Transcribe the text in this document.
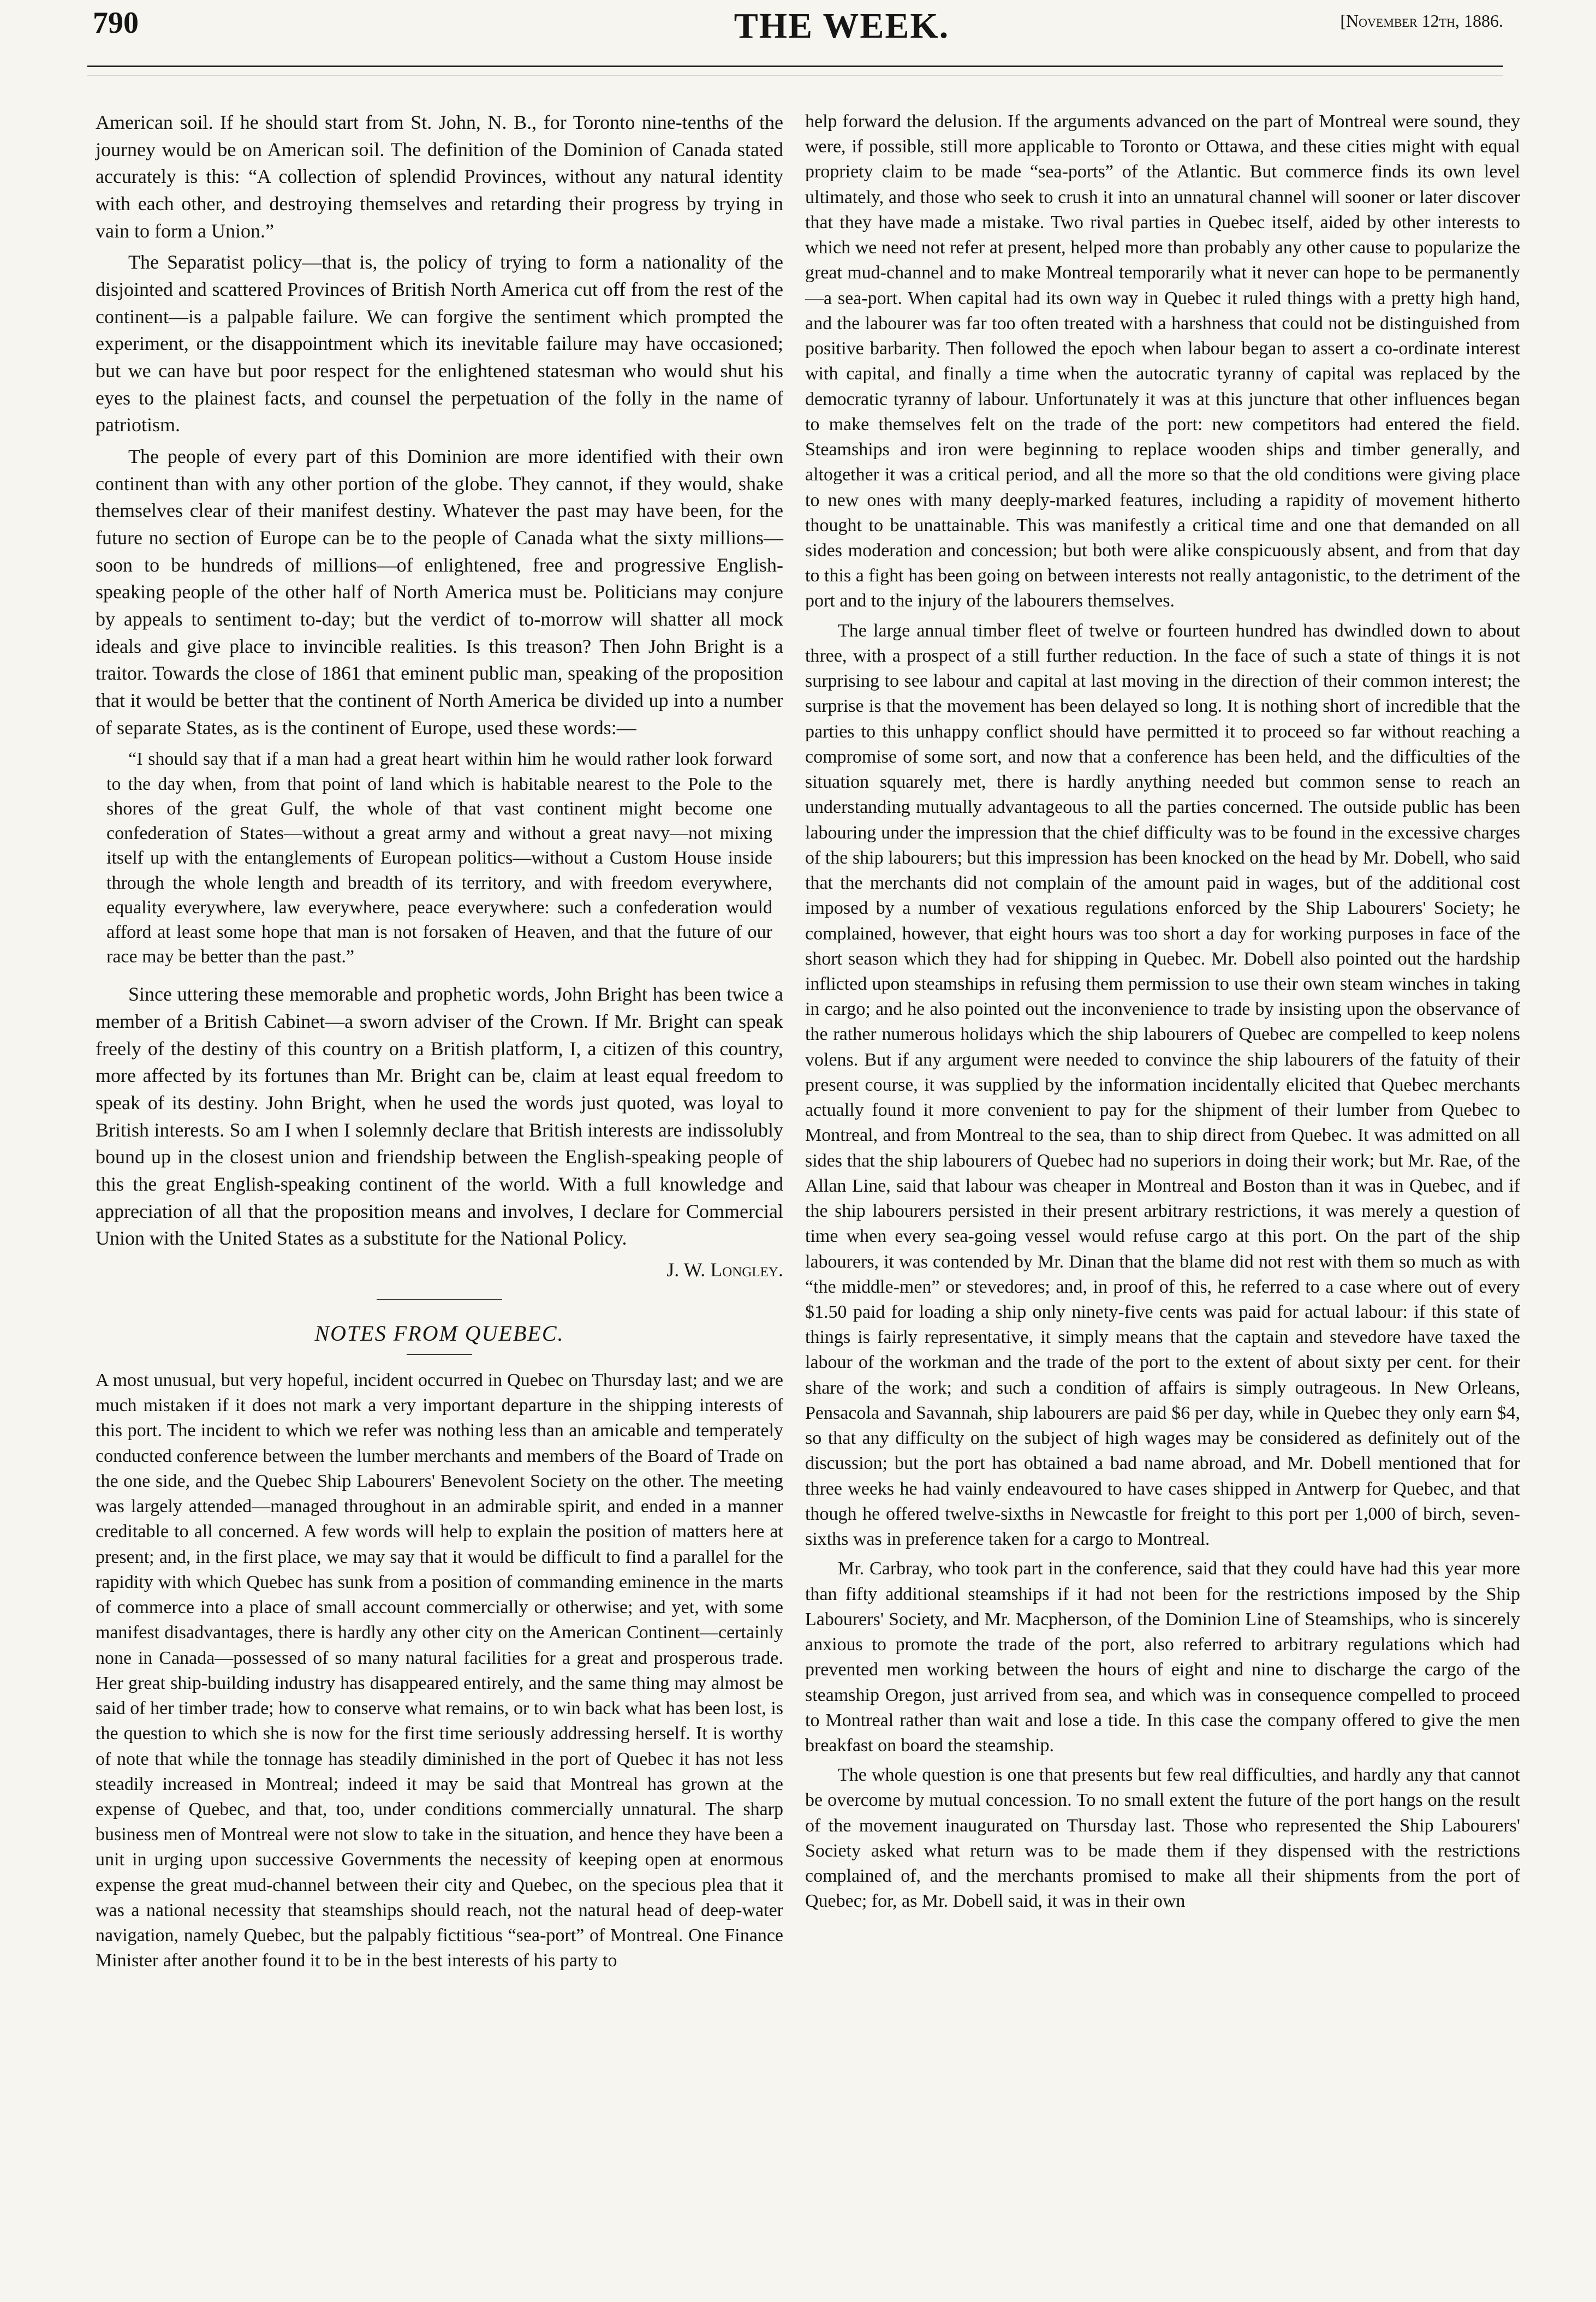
790	THE WEEK.	[November 12th, 1886.

American soil. If he should start from St. John, N. B., for Toronto nine-tenths of the journey would be on American soil. The definition of the Dominion of Canada stated accurately is this: “A collection of splendid Provinces, without any natural identity with each other, and destroying themselves and retarding their progress by trying in vain to form a Union.”

The Separatist policy—that is, the policy of trying to form a nationality of the disjointed and scattered Provinces of British North America cut off from the rest of the continent—is a palpable failure. We can forgive the sentiment which prompted the experiment, or the disappointment which its inevitable failure may have occasioned; but we can have but poor respect for the enlightened statesman who would shut his eyes to the plainest facts, and counsel the perpetuation of the folly in the name of patriotism.

The people of every part of this Dominion are more identified with their own continent than with any other portion of the globe. They cannot, if they would, shake themselves clear of their manifest destiny. Whatever the past may have been, for the future no section of Europe can be to the people of Canada what the sixty millions—soon to be hundreds of millions—of enlightened, free and progressive English-speaking people of the other half of North America must be. Politicians may conjure by appeals to sentiment to-day; but the verdict of to-morrow will shatter all mock ideals and give place to invincible realities. Is this treason? Then John Bright is a traitor. Towards the close of 1861 that eminent public man, speaking of the proposition that it would be better that the continent of North America be divided up into a number of separate States, as is the continent of Europe, used these words:—

“I should say that if a man had a great heart within him he would rather look forward to the day when, from that point of land which is habitable nearest to the Pole to the shores of the great Gulf, the whole of that vast continent might become one confederation of States—without a great army and without a great navy—not mixing itself up with the entanglements of European politics—without a Custom House inside through the whole length and breadth of its territory, and with freedom everywhere, equality everywhere, law everywhere, peace everywhere: such a confederation would afford at least some hope that man is not forsaken of Heaven, and that the future of our race may be better than the past.”

Since uttering these memorable and prophetic words, John Bright has been twice a member of a British Cabinet—a sworn adviser of the Crown. If Mr. Bright can speak freely of the destiny of this country on a British platform, I, a citizen of this country, more affected by its fortunes than Mr. Bright can be, claim at least equal freedom to speak of its destiny. John Bright, when he used the words just quoted, was loyal to British interests. So am I when I solemnly declare that British interests are indissolubly bound up in the closest union and friendship between the English-speaking people of this the great English-speaking continent of the world. With a full knowledge and appreciation of all that the proposition means and involves, I declare for Commercial Union with the United States as a substitute for the National Policy.

J. W. Longley.
NOTES FROM QUEBEC.

A most unusual, but very hopeful, incident occurred in Quebec on Thursday last; and we are much mistaken if it does not mark a very important departure in the shipping interests of this port. The incident to which we refer was nothing less than an amicable and temperately conducted conference between the lumber merchants and members of the Board of Trade on the one side, and the Quebec Ship Labourers' Benevolent Society on the other. The meeting was largely attended—managed throughout in an admirable spirit, and ended in a manner creditable to all concerned. A few words will help to explain the position of matters here at present; and, in the first place, we may say that it would be difficult to find a parallel for the rapidity with which Quebec has sunk from a position of commanding eminence in the marts of commerce into a place of small account commercially or otherwise; and yet, with some manifest disadvantages, there is hardly any other city on the American Continent—certainly none in Canada—possessed of so many natural facilities for a great and prosperous trade. Her great ship-building industry has disappeared entirely, and the same thing may almost be said of her timber trade; how to conserve what remains, or to win back what has been lost, is the question to which she is now for the first time seriously addressing herself. It is worthy of note that while the tonnage has steadily diminished in the port of Quebec it has not less steadily increased in Montreal; indeed it may be said that Montreal has grown at the expense of Quebec, and that, too, under conditions commercially unnatural. The sharp business men of Montreal were not slow to take in the situation, and hence they have been a unit in urging upon successive Governments the necessity of keeping open at enormous expense the great mud-channel between their city and Quebec, on the specious plea that it was a national necessity that steamships should reach, not the natural head of deep-water navigation, namely Quebec, but the palpably fictitious “sea-port” of Montreal. One Finance Minister after another found it to be in the best interests of his party to

help forward the delusion. If the arguments advanced on the part of Montreal were sound, they were, if possible, still more applicable to Toronto or Ottawa, and these cities might with equal propriety claim to be made “sea-ports” of the Atlantic. But commerce finds its own level ultimately, and those who seek to crush it into an unnatural channel will sooner or later discover that they have made a mistake. Two rival parties in Quebec itself, aided by other interests to which we need not refer at present, helped more than probably any other cause to popularize the great mud-channel and to make Montreal temporarily what it never can hope to be permanently—a sea-port. When capital had its own way in Quebec it ruled things with a pretty high hand, and the labourer was far too often treated with a harshness that could not be distinguished from positive barbarity. Then followed the epoch when labour began to assert a co-ordinate interest with capital, and finally a time when the autocratic tyranny of capital was replaced by the democratic tyranny of labour. Unfortunately it was at this juncture that other influences began to make themselves felt on the trade of the port: new competitors had entered the field. Steamships and iron were beginning to replace wooden ships and timber generally, and altogether it was a critical period, and all the more so that the old conditions were giving place to new ones with many deeply-marked features, including a rapidity of movement hitherto thought to be unattainable. This was manifestly a critical time and one that demanded on all sides moderation and concession; but both were alike conspicuously absent, and from that day to this a fight has been going on between interests not really antagonistic, to the detriment of the port and to the injury of the labourers themselves.

The large annual timber fleet of twelve or fourteen hundred has dwindled down to about three, with a prospect of a still further reduction. In the face of such a state of things it is not surprising to see labour and capital at last moving in the direction of their common interest; the surprise is that the movement has been delayed so long. It is nothing short of incredible that the parties to this unhappy conflict should have permitted it to proceed so far without reaching a compromise of some sort, and now that a conference has been held, and the difficulties of the situation squarely met, there is hardly anything needed but common sense to reach an understanding mutually advantageous to all the parties concerned. The outside public has been labouring under the impression that the chief difficulty was to be found in the excessive charges of the ship labourers; but this impression has been knocked on the head by Mr. Dobell, who said that the merchants did not complain of the amount paid in wages, but of the additional cost imposed by a number of vexatious regulations enforced by the Ship Labourers' Society; he complained, however, that eight hours was too short a day for working purposes in face of the short season which they had for shipping in Quebec. Mr. Dobell also pointed out the hardship inflicted upon steamships in refusing them permission to use their own steam winches in taking in cargo; and he also pointed out the inconvenience to trade by insisting upon the observance of the rather numerous holidays which the ship labourers of Quebec are compelled to keep nolens volens. But if any argument were needed to convince the ship labourers of the fatuity of their present course, it was supplied by the information incidentally elicited that Quebec merchants actually found it more convenient to pay for the shipment of their lumber from Quebec to Montreal, and from Montreal to the sea, than to ship direct from Quebec. It was admitted on all sides that the ship labourers of Quebec had no superiors in doing their work; but Mr. Rae, of the Allan Line, said that labour was cheaper in Montreal and Boston than it was in Quebec, and if the ship labourers persisted in their present arbitrary restrictions, it was merely a question of time when every sea-going vessel would refuse cargo at this port. On the part of the ship labourers, it was contended by Mr. Dinan that the blame did not rest with them so much as with “the middle-men” or stevedores; and, in proof of this, he referred to a case where out of every $1.50 paid for loading a ship only ninety-five cents was paid for actual labour: if this state of things is fairly representative, it simply means that the captain and stevedore have taxed the labour of the workman and the trade of the port to the extent of about sixty per cent. for their share of the work; and such a condition of affairs is simply outrageous. In New Orleans, Pensacola and Savannah, ship labourers are paid $6 per day, while in Quebec they only earn $4, so that any difficulty on the subject of high wages may be considered as definitely out of the discussion; but the port has obtained a bad name abroad, and Mr. Dobell mentioned that for three weeks he had vainly endeavoured to have cases shipped in Antwerp for Quebec, and that though he offered twelve-sixths in Newcastle for freight to this port per 1,000 of birch, seven-sixths was in preference taken for a cargo to Montreal.

Mr. Carbray, who took part in the conference, said that they could have had this year more than fifty additional steamships if it had not been for the restrictions imposed by the Ship Labourers' Society, and Mr. Macpherson, of the Dominion Line of Steamships, who is sincerely anxious to promote the trade of the port, also referred to arbitrary regulations which had prevented men working between the hours of eight and nine to discharge the cargo of the steamship Oregon, just arrived from sea, and which was in consequence compelled to proceed to Montreal rather than wait and lose a tide. In this case the company offered to give the men breakfast on board the steamship.

The whole question is one that presents but few real difficulties, and hardly any that cannot be overcome by mutual concession. To no small extent the future of the port hangs on the result of the movement inaugurated on Thursday last. Those who represented the Ship Labourers' Society asked what return was to be made them if they dispensed with the restrictions complained of, and the merchants promised to make all their shipments from the port of Quebec; for, as Mr. Dobell said, it was in their own
